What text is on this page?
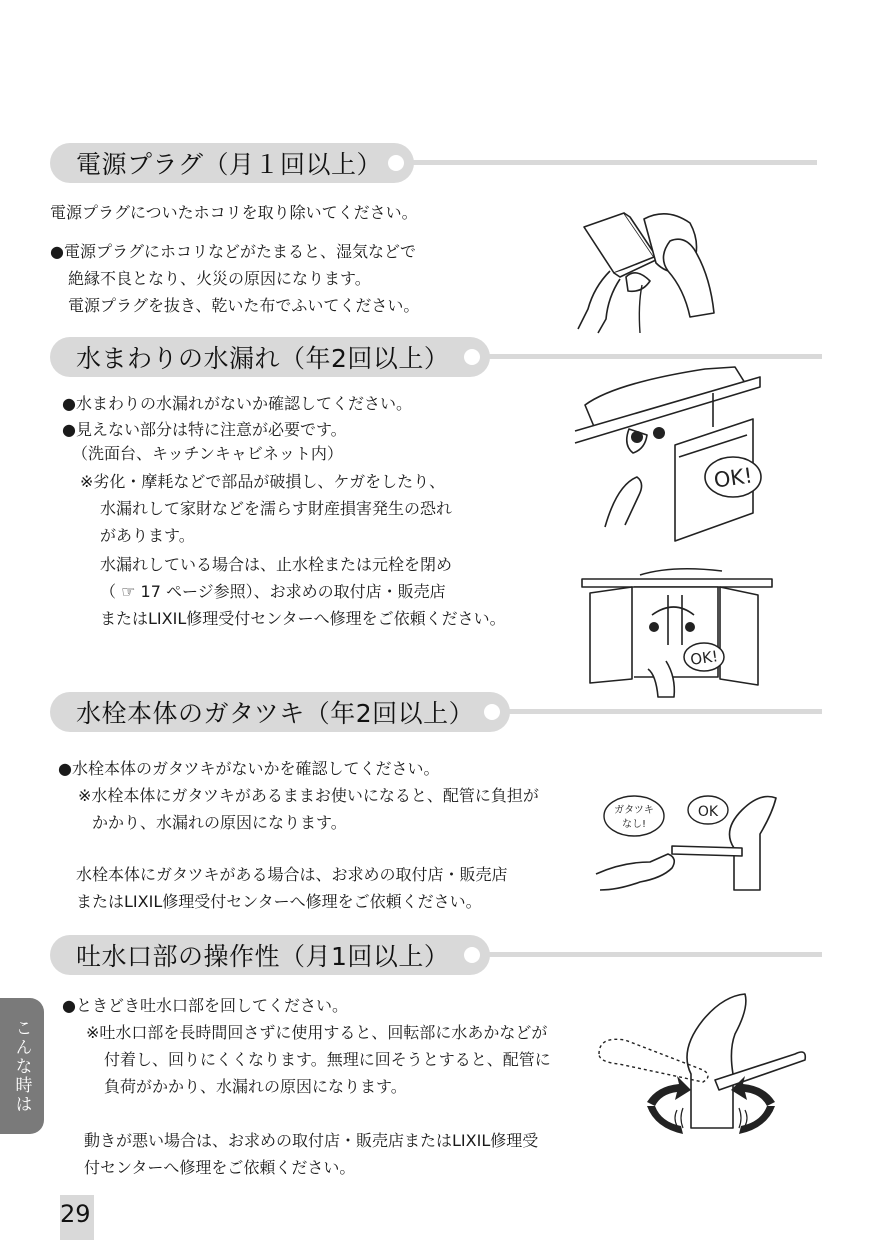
電源プラグ（月１回以上）
電源プラグについたホコリを取り除いてください。
●電源プラグにホコリなどがたまると、湿気などで
絶縁不良となり、火災の原因になります。
電源プラグを抜き、乾いた布でふいてください。
水まわりの水漏れ（年2回以上）
●水まわりの水漏れがないか確認してください。
●見えない部分は特に注意が必要です。
（洗面台、キッチンキャビネット内）
※劣化・摩耗などで部品が破損し、ケガをしたり、
水漏れして家財などを濡らす財産損害発生の恐れ
があります。
水漏れしている場合は、止水栓または元栓を閉め
（ ☞ 17 ページ参照）、お求めの取付店・販売店
またはLIXIL修理受付センターへ修理をご依頼ください。
OK!
OK!
水栓本体のガタツキ（年2回以上）
●水栓本体のガタツキがないかを確認してください。
※水栓本体にガタツキがあるままお使いになると、配管に負担が
かかり、水漏れの原因になります。
水栓本体にガタツキがある場合は、お求めの取付店・販売店
またはLIXIL修理受付センターへ修理をご依頼ください。
ガタツキ
なし!
OK
吐水口部の操作性（月1回以上）
●ときどき吐水口部を回してください。
※吐水口部を長時間回さずに使用すると、回転部に水あかなどが
付着し、回りにくくなります。無理に回そうとすると、配管に
負荷がかかり、水漏れの原因になります。
動きが悪い場合は、お求めの取付店・販売店またはLIXIL修理受
付センターへ修理をご依頼ください。
こんな時は
29
